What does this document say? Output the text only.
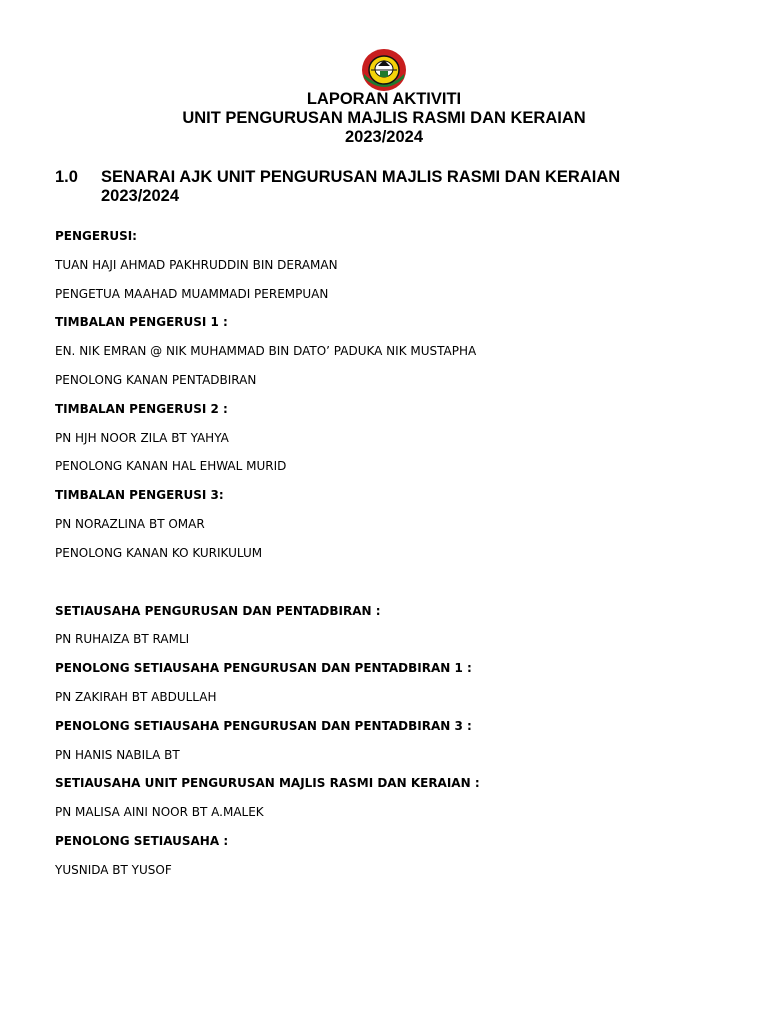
LAPORAN AKTIVITI
UNIT PENGURUSAN MAJLIS RASMI DAN KERAIAN
2023/2024
1.0 SENARAI AJK UNIT PENGURUSAN MAJLIS RASMI DAN KERAIAN
2023/2024
PENGERUSI:
TUAN HAJI AHMAD PAKHRUDDIN BIN DERAMAN
PENGETUA MAAHAD MUAMMADI PEREMPUAN
TIMBALAN PENGERUSI 1 :
EN. NIK EMRAN @ NIK MUHAMMAD BIN DATO’ PADUKA NIK MUSTAPHA
PENOLONG KANAN PENTADBIRAN
TIMBALAN PENGERUSI 2 :
PN HJH NOOR ZILA BT YAHYA
PENOLONG KANAN HAL EHWAL MURID
TIMBALAN PENGERUSI 3:
PN NORAZLINA BT OMAR
PENOLONG KANAN KO KURIKULUM
SETIAUSAHA PENGURUSAN DAN PENTADBIRAN :
PN RUHAIZA BT RAMLI
PENOLONG SETIAUSAHA PENGURUSAN DAN PENTADBIRAN 1 :
PN ZAKIRAH BT ABDULLAH
PENOLONG SETIAUSAHA PENGURUSAN DAN PENTADBIRAN 3 :
PN HANIS NABILA BT
SETIAUSAHA UNIT PENGURUSAN MAJLIS RASMI DAN KERAIAN :
PN MALISA AINI NOOR BT A.MALEK
PENOLONG SETIAUSAHA :
YUSNIDA BT YUSOF
